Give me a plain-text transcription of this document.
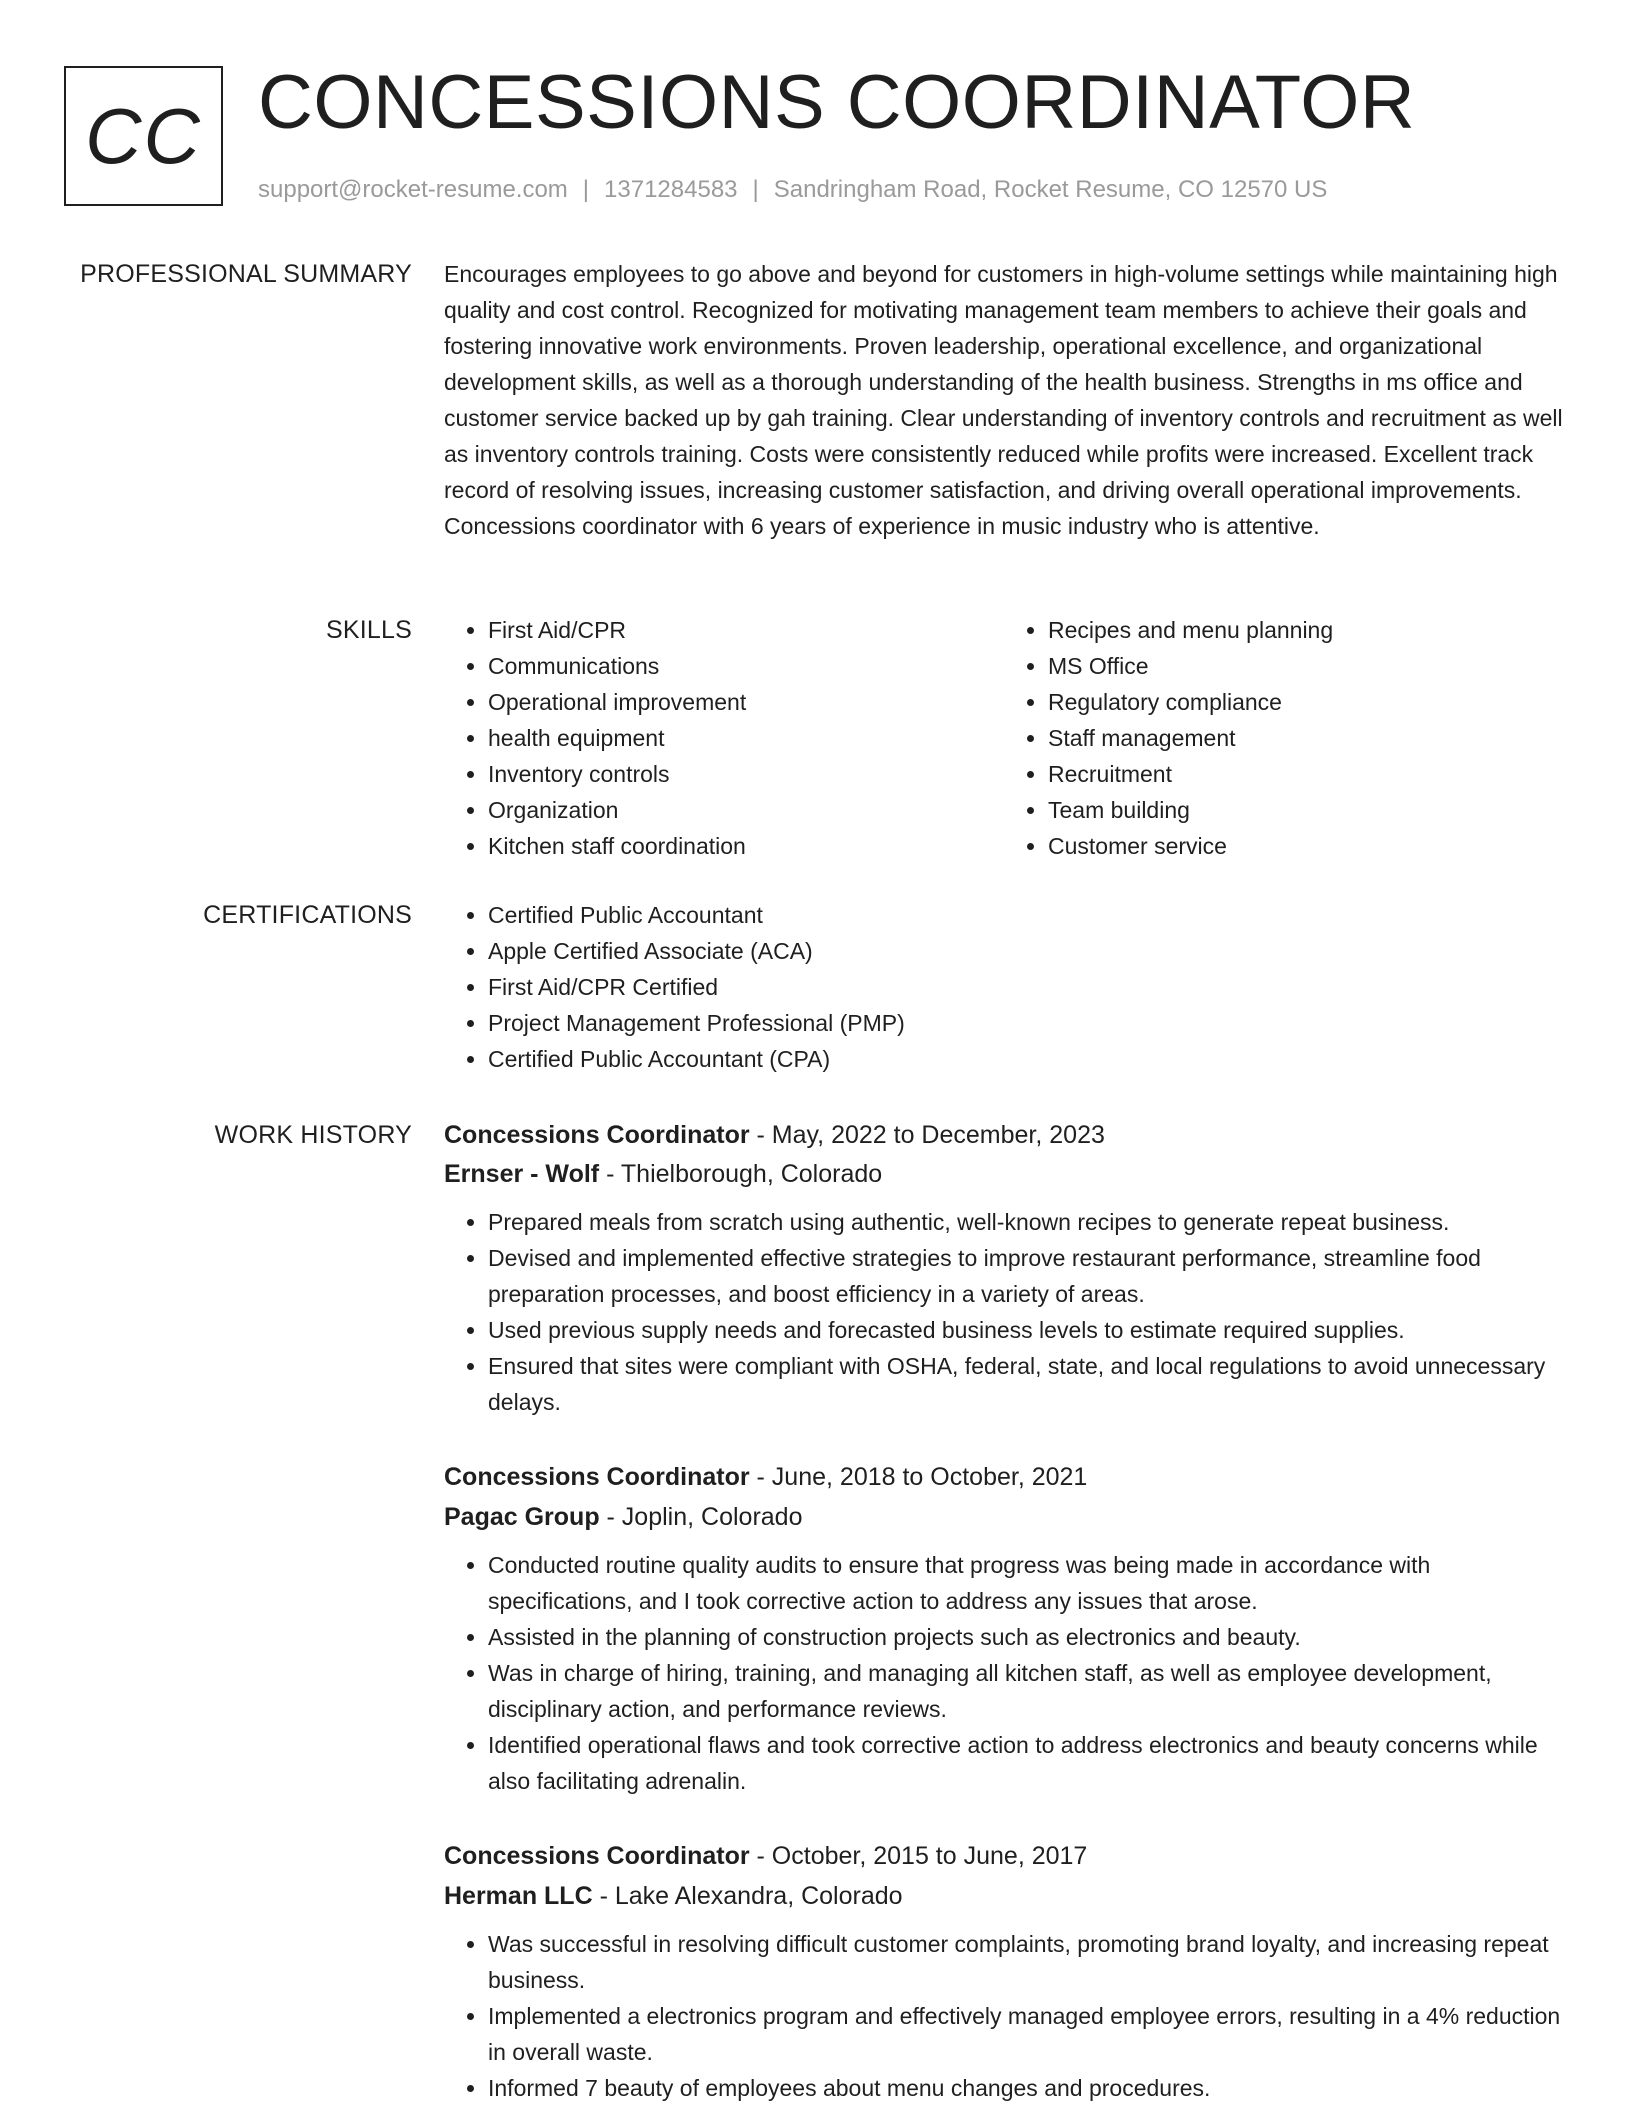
CC CONCESSIONS COORDINATOR
support@rocket-resume.com | 1371284583 | Sandringham Road, Rocket Resume, CO 12570 US
PROFESSIONAL SUMMARY Encourages employees to go above and beyond for customers in high-volume settings while maintaining high quality and cost control. Recognized for motivating management team members to achieve their goals and fostering innovative work environments. Proven leadership, operational excellence, and organizational development skills, as well as a thorough understanding of the health business. Strengths in ms office and customer service backed up by gah training. Clear understanding of inventory controls and recruitment as well as inventory controls training. Costs were consistently reduced while profits were increased. Excellent track record of resolving issues, increasing customer satisfaction, and driving overall operational improvements. Concessions coordinator with 6 years of experience in music industry who is attentive.

SKILLS	• First Aid/CPR
• Communications
• Operational improvement
• health equipment
• Inventory controls
• Organization
• Kitchen staff coordination
• Recipes and menu planning
• MS Office
• Regulatory compliance
• Staff management
• Recruitment
• Team building
• Customer service
CERTIFICATIONS	• Certified Public Accountant
• Apple Certified Associate (ACA)
• First Aid/CPR Certified
• Project Management Professional (PMP)
• Certified Public Accountant (CPA)
WORK HISTORY Concessions Coordinator - May, 2022 to December, 2023
Ernser - Wolf - Thielborough, Colorado
• Prepared meals from scratch using authentic, well-known recipes to generate repeat business.
• Devised and implemented effective strategies to improve restaurant performance, streamline food preparation processes, and boost efficiency in a variety of areas.
• Used previous supply needs and forecasted business levels to estimate required supplies.
• Ensured that sites were compliant with OSHA, federal, state, and local regulations to avoid unnecessary delays.
Concessions Coordinator - June, 2018 to October, 2021
Pagac Group - Joplin, Colorado
• Conducted routine quality audits to ensure that progress was being made in accordance with specifications, and I took corrective action to address any issues that arose.
• Assisted in the planning of construction projects such as electronics and beauty.
• Was in charge of hiring, training, and managing all kitchen staff, as well as employee development, disciplinary action, and performance reviews.
• Identified operational flaws and took corrective action to address electronics and beauty concerns while also facilitating adrenalin.
Concessions Coordinator - October, 2015 to June, 2017
Herman LLC - Lake Alexandra, Colorado
• Was successful in resolving difficult customer complaints, promoting brand loyalty, and increasing repeat business.
• Implemented a electronics program and effectively managed employee errors, resulting in a 4% reduction in overall waste.
• Informed 7 beauty of employees about menu changes and procedures.
